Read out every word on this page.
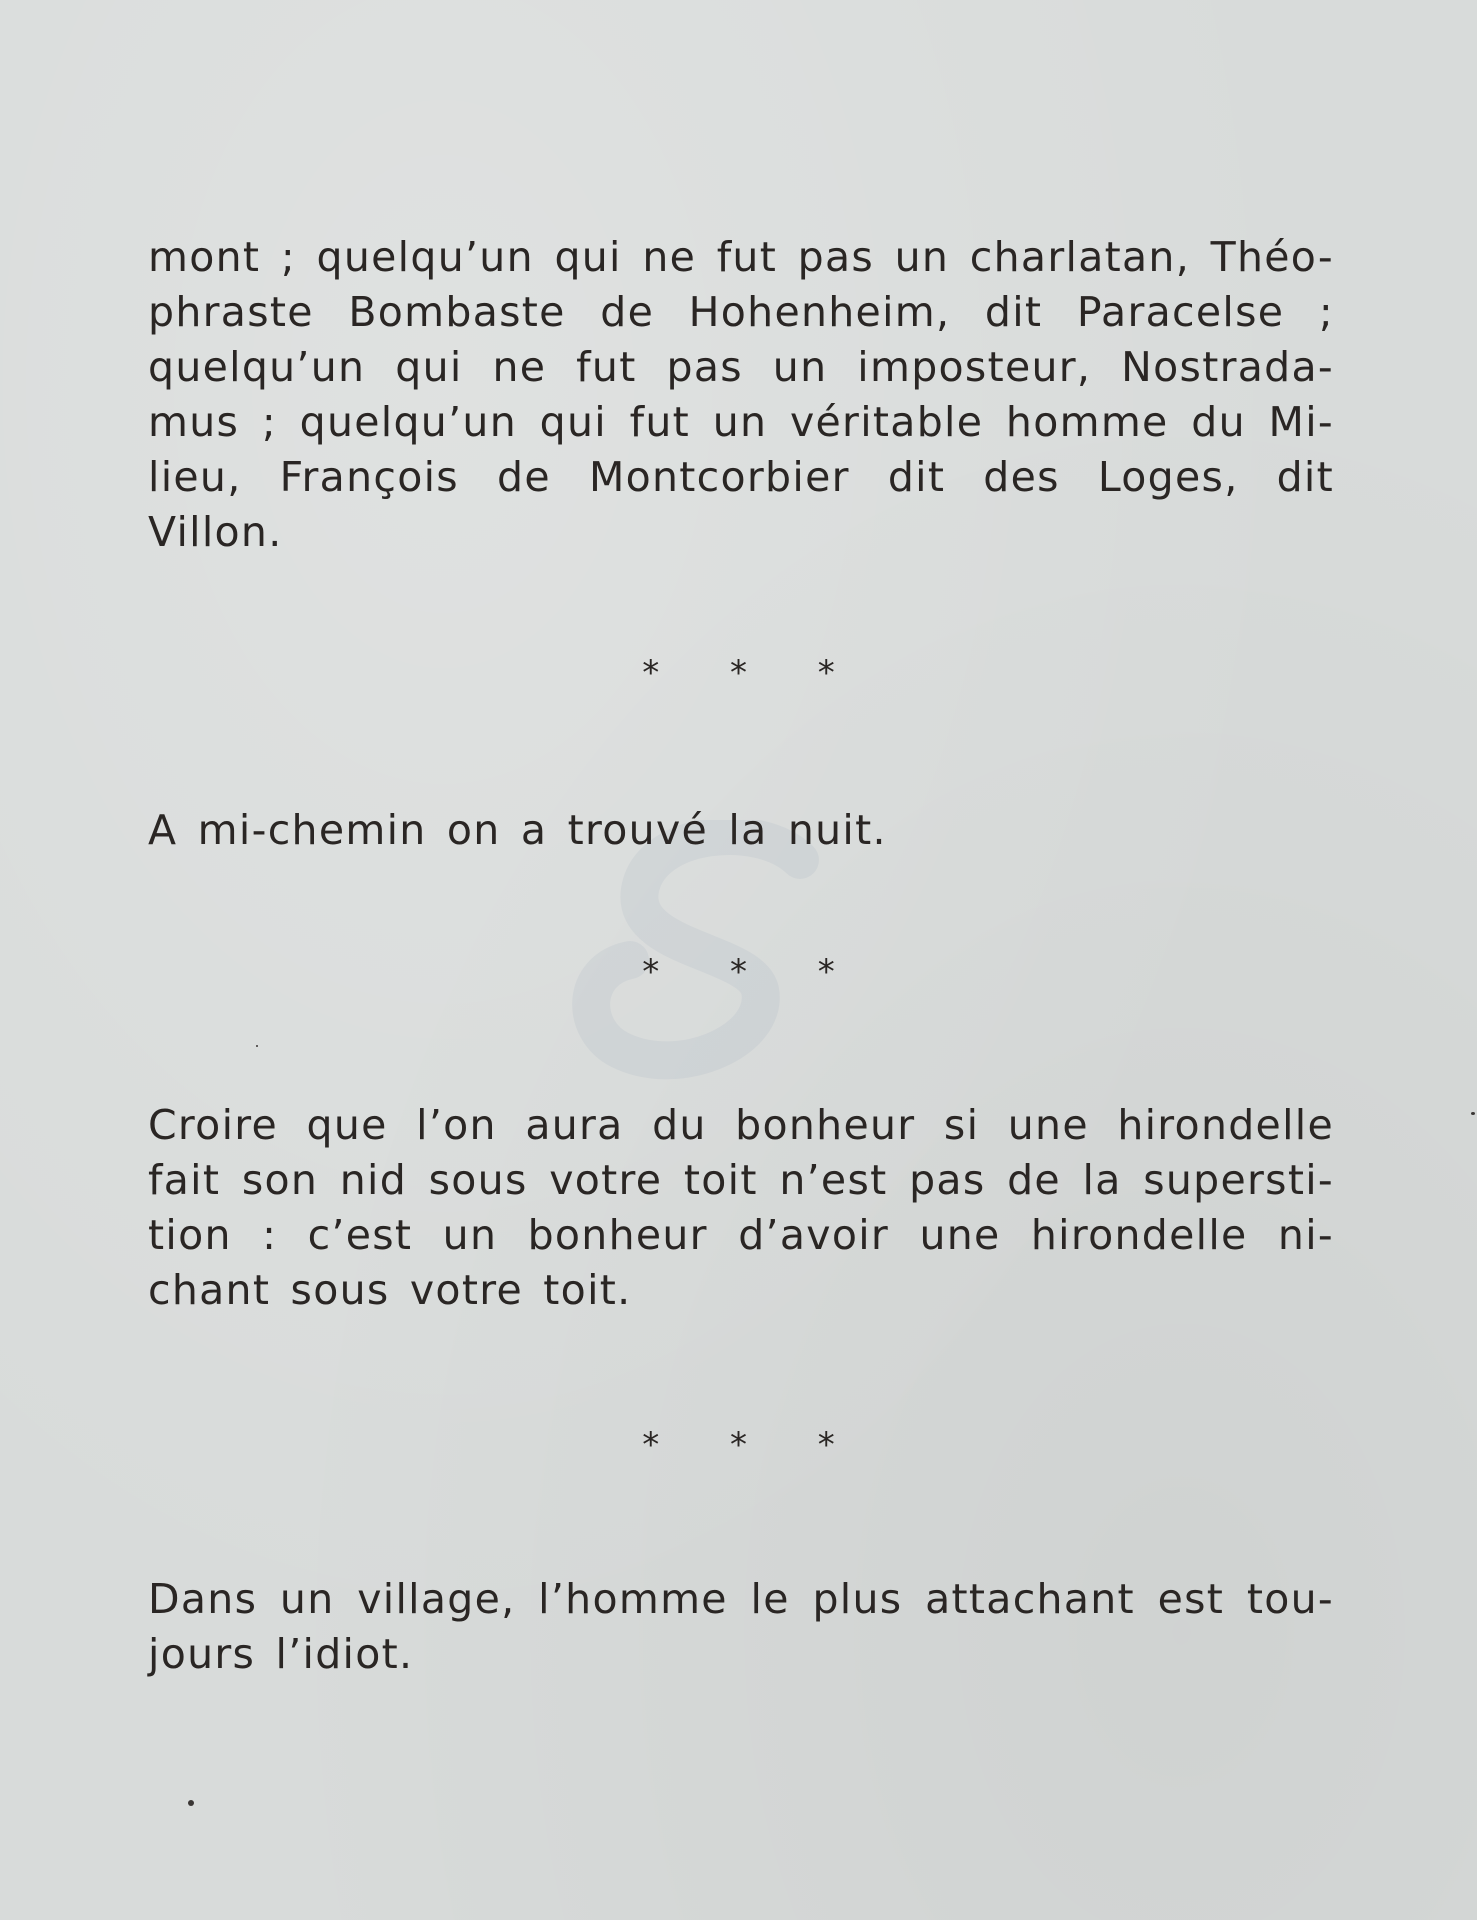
mont ; quelqu’un qui ne fut pas un charlatan, Théo-
phraste Bombaste de Hohenheim, dit Paracelse ;
quelqu’un qui ne fut pas un imposteur, Nostrada-
mus ; quelqu’un qui fut un véritable homme du Mi-
lieu, François de Montcorbier dit des Loges, dit
Villon.
* * *
A mi-chemin on a trouvé la nuit.
* * *
Croire que l’on aura du bonheur si une hirondelle
fait son nid sous votre toit n’est pas de la supersti-
tion : c’est un bonheur d’avoir une hirondelle ni-
chant sous votre toit.
* * *
Dans un village, l’homme le plus attachant est tou-
jours l’idiot.
